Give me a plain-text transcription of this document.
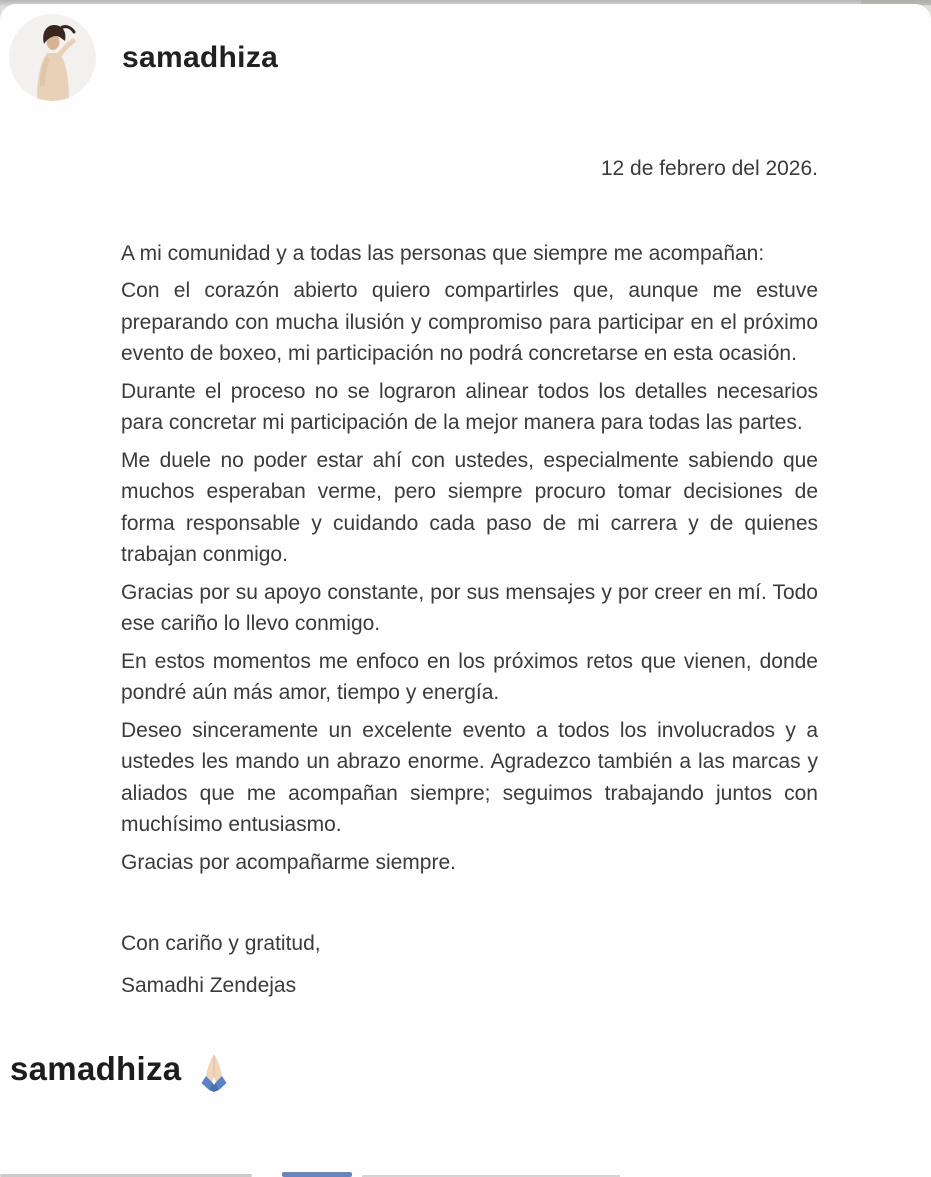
samadhiza
12 de febrero del 2026.
A mi comunidad y a todas las personas que siempre me acompañan:

Con el corazón abierto quiero compartirles que, aunque me estuve preparando con mucha ilusión y compromiso para participar en el próximo evento de boxeo, mi participación no podrá concretarse en esta ocasión.

Durante el proceso no se lograron alinear todos los detalles necesarios para concretar mi participación de la mejor manera para todas las partes.

Me duele no poder estar ahí con ustedes, especialmente sabiendo que muchos esperaban verme, pero siempre procuro tomar decisiones de forma responsable y cuidando cada paso de mi carrera y de quienes trabajan conmigo.

Gracias por su apoyo constante, por sus mensajes y por creer en mí. Todo ese cariño lo llevo conmigo.

En estos momentos me enfoco en los próximos retos que vienen, donde pondré aún más amor, tiempo y energía.

Deseo sinceramente un excelente evento a todos los involucrados y a ustedes les mando un abrazo enorme. Agradezco también a las marcas y aliados que me acompañan siempre; seguimos trabajando juntos con muchísimo entusiasmo.

Gracias por acompañarme siempre.

Con cariño y gratitud,

Samadhi Zendejas

samadhiza
